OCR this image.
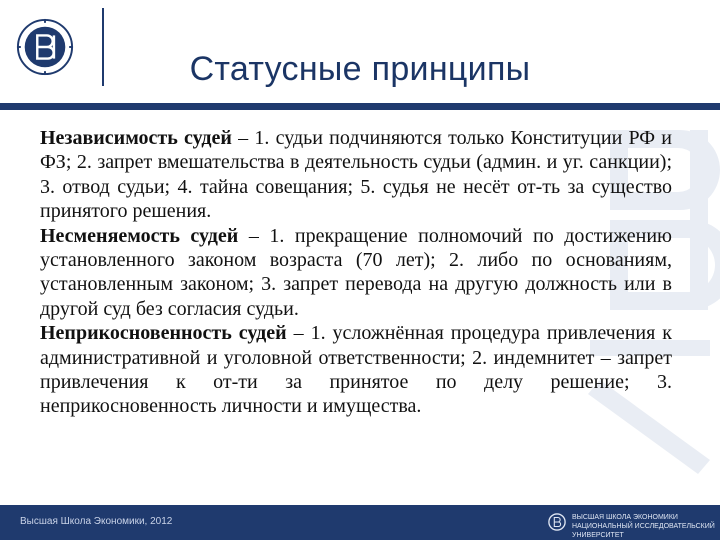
Статусные принципы

Независимость судей – 1. судьи подчиняются только Конституции РФ и ФЗ; 2. запрет вмешательства в деятельность судьи (админ. и уг. санкции); 3. отвод судьи; 4. тайна совещания; 5. судья не несёт от-ть за существо принятого решения.

Несменяемость судей – 1. прекращение полномочий по достижению установленного законом возраста (70 лет); 2. либо по основаниям, установленным законом; 3. запрет перевода на другую должность или в другой суд без согласия судьи.

Неприкосновенность судей – 1. усложнённая процедура привлечения к административной и уголовной ответственности; 2. индемнитет – запрет привлечения к от-ти за принятое по делу решение; 3. неприкосновенность личности и имущества.

Высшая Школа Экономики, 2012	ВЫСШАЯ ШКОЛА ЭКОНОМИКИ
НАЦИОНАЛЬНЫЙ ИССЛЕДОВАТЕЛЬСКИЙ УНИВЕРСИТЕТ
